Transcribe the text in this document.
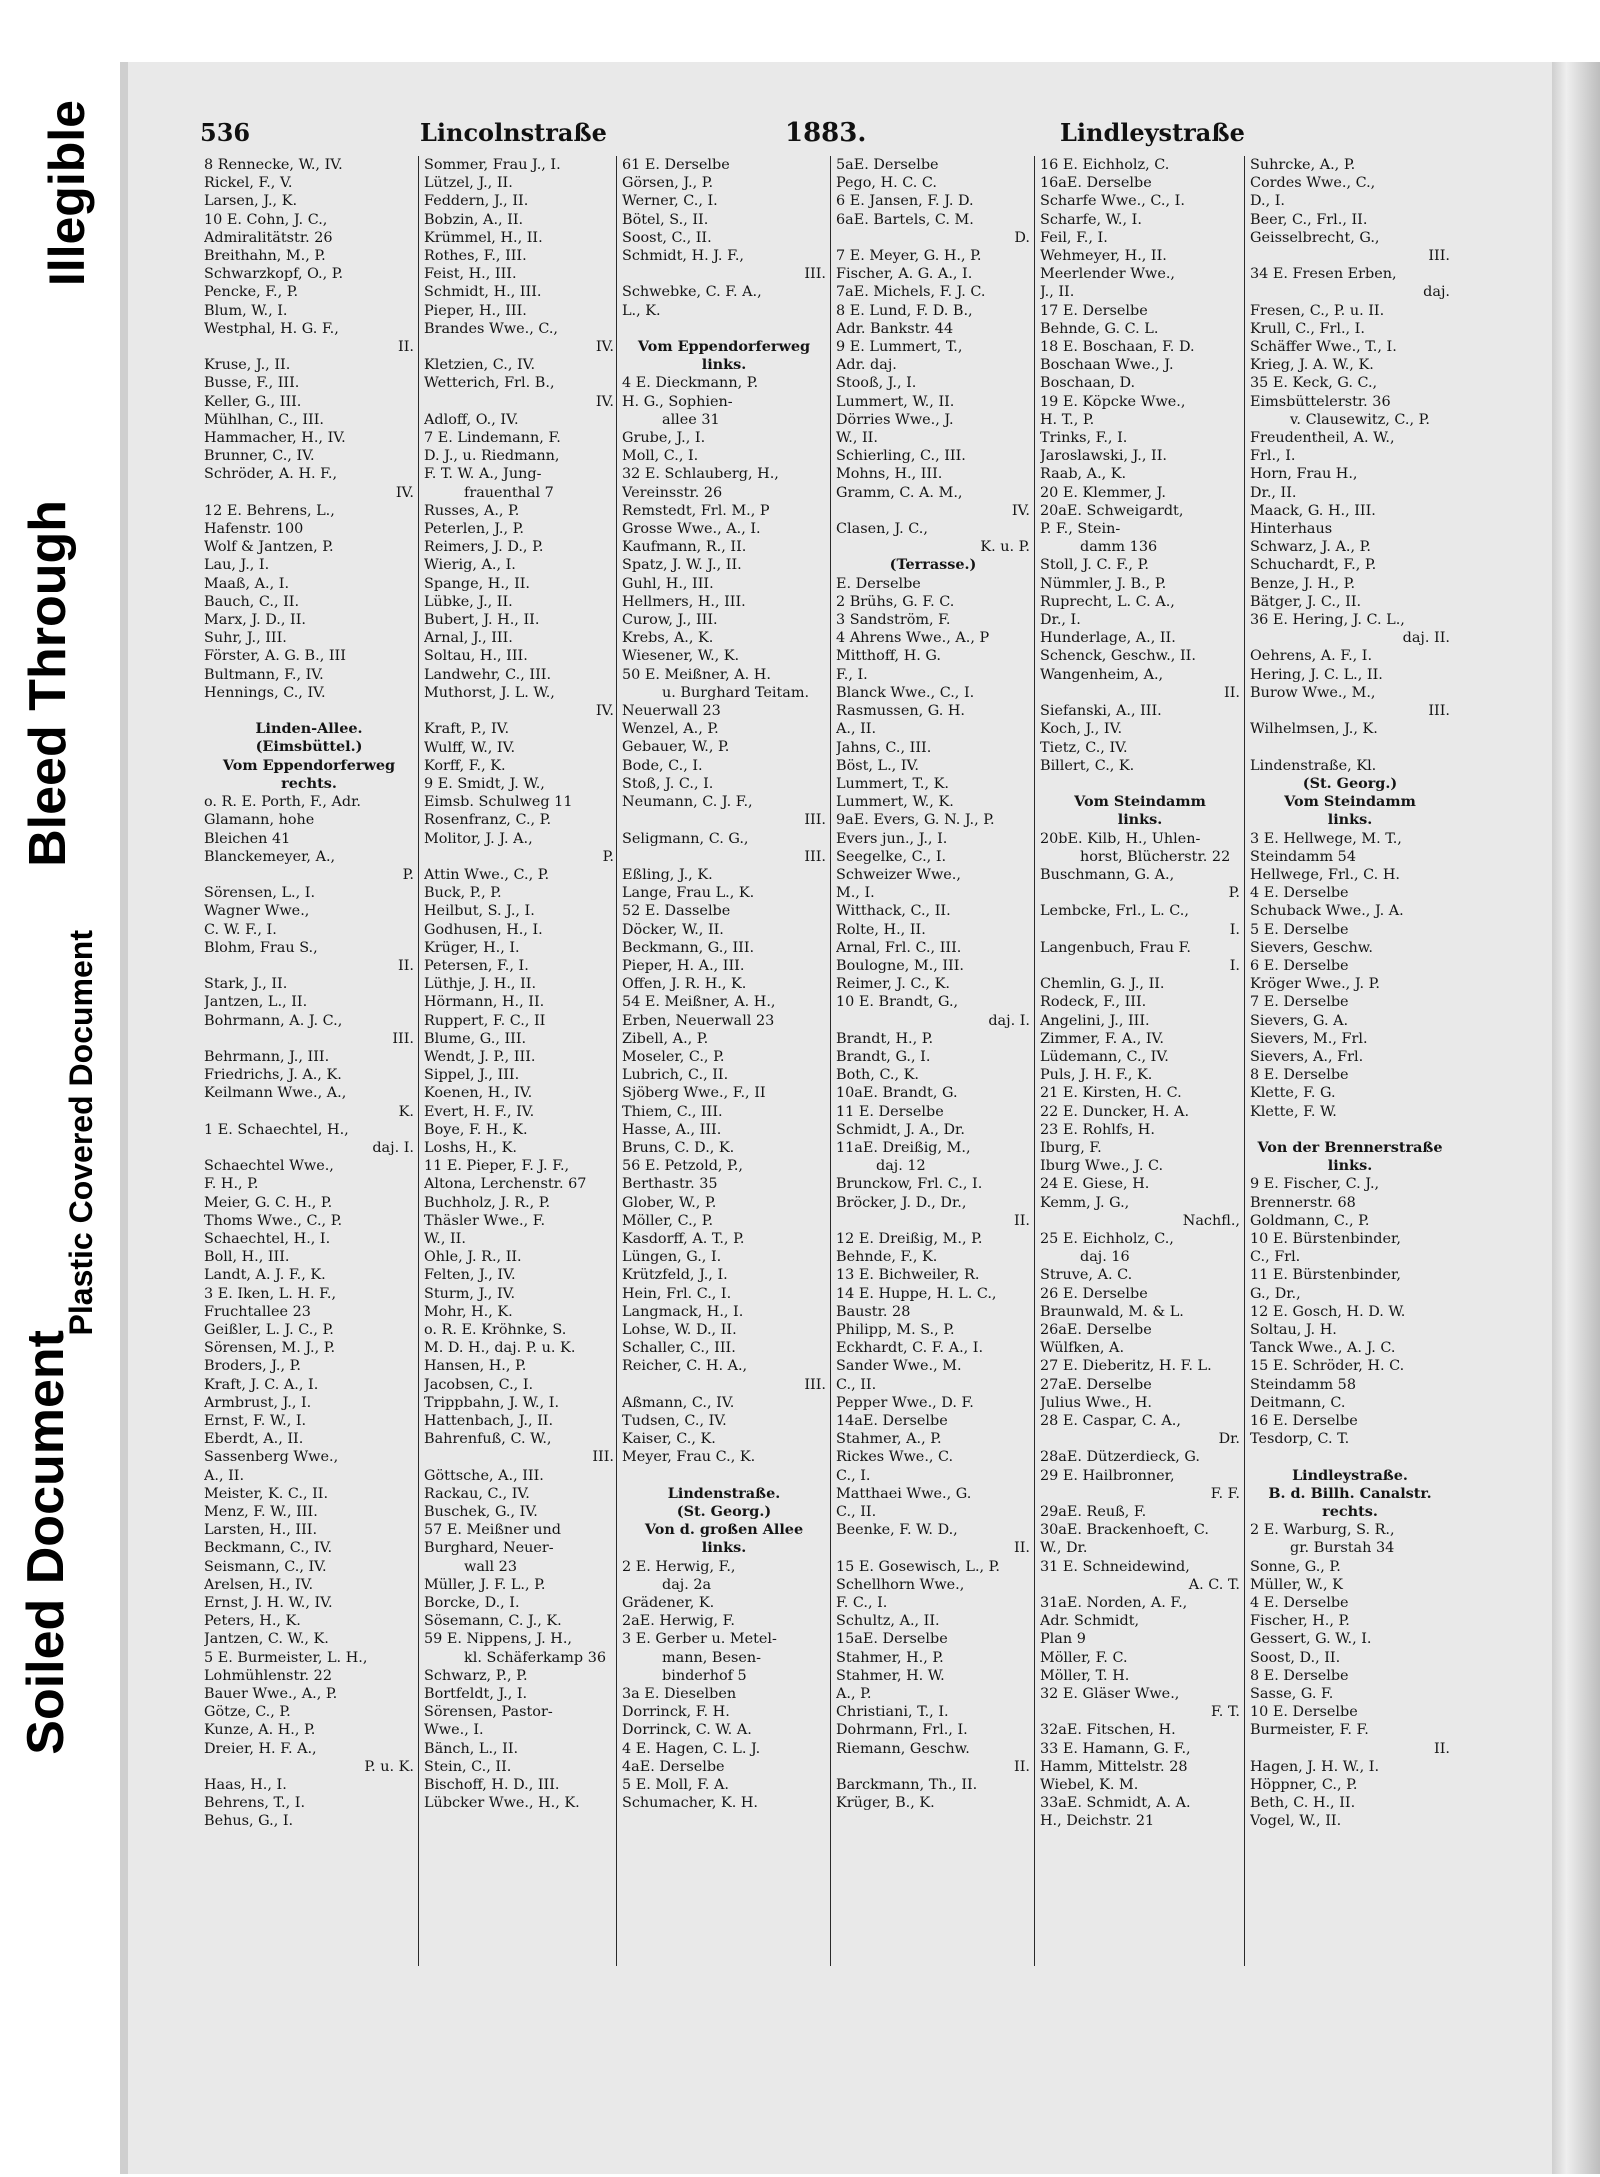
Soiled Document
Plastic Covered Document
Bleed Through
Illegible	536	Lincolnstraße	1883.	Lindleystraße
8 Rennecke, W., IV.
Rickel, F., V.
Larsen, J., K.
10 E. Cohn, J. C.,
Admiralitätstr. 26
Breithahn, M., P.
Schwarzkopf, O., P.
Pencke, F., P.
Blum, W., I.
Westphal, H. G. F.,
II.
Kruse, J., II.
Busse, F., III.
Keller, G., III.
Mühlhan, C., III.
Hammacher, H., IV.
Brunner, C., IV.
Schröder, A. H. F.,
IV.
12 E. Behrens, L.,
Hafenstr. 100
Wolf & Jantzen, P.
Lau, J., I.
Maaß, A., I.
Bauch, C., II.
Marx, J. D., II.
Suhr, J., III.
Förster, A. G. B., III
Bultmann, F., IV.
Hennings, C., IV.
Linden-Allee.
(Eimsbüttel.)
Vom Eppendorferweg
rechts.
o. R. E. Porth, F., Adr.
Glamann, hohe
Bleichen 41
Blanckemeyer, A.,
P.
Sörensen, L., I.
Wagner Wwe.,
C. W. F., I.
Blohm, Frau S.,
II.
Stark, J., II.
Jantzen, L., II.
Bohrmann, A. J. C.,
III.
Behrmann, J., III.
Friedrichs, J. A., K.
Keilmann Wwe., A.,
K.
1 E. Schaechtel, H.,
daj. I.
Schaechtel Wwe.,
F. H., P.
Meier, G. C. H., P.
Thoms Wwe., C., P.
Schaechtel, H., I.
Boll, H., III.
Landt, A. J. F., K.
3 E. Iken, L. H. F.,
Fruchtallee 23
Geißler, L. J. C., P.
Sörensen, M. J., P.
Broders, J., P.
Kraft, J. C. A., I.
Armbrust, J., I.
Ernst, F. W., I.
Eberdt, A., II.
Sassenberg Wwe.,
A., II.
Meister, K. C., II.
Menz, F. W., III.
Larsten, H., III.
Beckmann, C., IV.
Seismann, C., IV.
Arelsen, H., IV.
Ernst, J. H. W., IV.
Peters, H., K.
Jantzen, C. W., K.
5 E. Burmeister, L. H.,
Lohmühlenstr. 22
Bauer Wwe., A., P.
Götze, C., P.
Kunze, A. H., P.
Dreier, H. F. A.,
P. u. K.
Haas, H., I.
Behrens, T., I.
Behus, G., I.
Sommer, Frau J., I.
Lützel, J., II.
Feddern, J., II.
Bobzin, A., II.
Krümmel, H., II.
Rothes, F., III.
Feist, H., III.
Schmidt, H., III.
Pieper, H., III.
Brandes Wwe., C.,
IV.
Kletzien, C., IV.
Wetterich, Frl. B.,
IV.
Adloff, O., IV.
7 E. Lindemann, F.
D. J., u. Riedmann,
F. T. W. A., Jung-
frauenthal 7
Russes, A., P.
Peterlen, J., P.
Reimers, J. D., P.
Wierig, A., I.
Spange, H., II.
Lübke, J., II.
Bubert, J. H., II.
Arnal, J., III.
Soltau, H., III.
Landwehr, C., III.
Muthorst, J. L. W.,
IV.
Kraft, P., IV.
Wulff, W., IV.
Korff, F., K.
9 E. Smidt, J. W.,
Eimsb. Schulweg 11
Rosenfranz, C., P.
Molitor, J. J. A.,
P.
Attin Wwe., C., P.
Buck, P., P.
Heilbut, S. J., I.
Godhusen, H., I.
Krüger, H., I.
Petersen, F., I.
Lüthje, J. H., II.
Hörmann, H., II.
Ruppert, F. C., II
Blume, G., III.
Wendt, J. P., III.
Sippel, J., III.
Koenen, H., IV.
Evert, H. F., IV.
Boye, F. H., K.
Loshs, H., K.
11 E. Pieper, F. J. F.,
Altona, Lerchenstr. 67
Buchholz, J. R., P.
Thäsler Wwe., F.
W., II.
Ohle, J. R., II.
Felten, J., IV.
Sturm, J., IV.
Mohr, H., K.
o. R. E. Kröhnke, S.
M. D. H., daj. P. u. K.
Hansen, H., P.
Jacobsen, C., I.
Trippbahn, J. W., I.
Hattenbach, J., II.
Bahrenfuß, C. W.,
III.
Göttsche, A., III.
Rackau, C., IV.
Buschek, G., IV.
57 E. Meißner und
Burghard, Neuer-
wall 23
Müller, J. F. L., P.
Borcke, D., I.
Sösemann, C. J., K.
59 E. Nippens, J. H.,
kl. Schäferkamp 36
Schwarz, P., P.
Bortfeldt, J., I.
Sörensen, Pastor-
Wwe., I.
Bänch, L., II.
Stein, C., II.
Bischoff, H. D., III.
Lübcker Wwe., H., K.
61 E. Derselbe
Görsen, J., P.
Werner, C., I.
Bötel, S., II.
Soost, C., II.
Schmidt, H. J. F.,
III.
Schwebke, C. F. A.,
L., K.
Vom Eppendorferweg
links.
4 E. Dieckmann, P.
H. G., Sophien-
allee 31
Grube, J., I.
Moll, C., I.
32 E. Schlauberg, H.,
Vereinsstr. 26
Remstedt, Frl. M., P
Grosse Wwe., A., I.
Kaufmann, R., II.
Spatz, J. W. J., II.
Guhl, H., III.
Hellmers, H., III.
Curow, J., III.
Krebs, A., K.
Wiesener, W., K.
50 E. Meißner, A. H.
u. Burghard Teitam.
Neuerwall 23
Wenzel, A., P.
Gebauer, W., P.
Bode, C., I.
Stoß, J. C., I.
Neumann, C. J. F.,
III.
Seligmann, C. G.,
III.
Eßling, J., K.
Lange, Frau L., K.
52 E. Dasselbe
Döcker, W., II.
Beckmann, G., III.
Pieper, H. A., III.
Offen, J. R. H., K.
54 E. Meißner, A. H.,
Erben, Neuerwall 23
Zibell, A., P.
Moseler, C., P.
Lubrich, C., II.
Sjöberg Wwe., F., II
Thiem, C., III.
Hasse, A., III.
Bruns, C. D., K.
56 E. Petzold, P.,
Berthastr. 35
Glober, W., P.
Möller, C., P.
Kasdorff, A. T., P.
Lüngen, G., I.
Krützfeld, J., I.
Hein, Frl. C., I.
Langmack, H., I.
Lohse, W. D., II.
Schaller, C., III.
Reicher, C. H. A.,
III.
Aßmann, C., IV.
Tudsen, C., IV.
Kaiser, C., K.
Meyer, Frau C., K.
Lindenstraße.
(St. Georg.)
Von d. großen Allee
links.
2 E. Herwig, F.,
daj. 2a
Grädener, K.
2aE. Herwig, F.
3 E. Gerber u. Metel-
mann, Besen-
binderhof 5
3a E. Dieselben
Dorrinck, F. H.
Dorrinck, C. W. A.
4 E. Hagen, C. L. J.
4aE. Derselbe
5 E. Moll, F. A.
Schumacher, K. H.
5aE. Derselbe
Pego, H. C. C.
6 E. Jansen, F. J. D.
6aE. Bartels, C. M.
D.
7 E. Meyer, G. H., P.
Fischer, A. G. A., I.
7aE. Michels, F. J. C.
8 E. Lund, F. D. B.,
Adr. Bankstr. 44
9 E. Lummert, T.,
Adr. daj.
Stooß, J., I.
Lummert, W., II.
Dörries Wwe., J.
W., II.
Schierling, C., III.
Mohns, H., III.
Gramm, C. A. M.,
IV.
Clasen, J. C.,
K. u. P.
(Terrasse.)
E. Derselbe
2 Brühs, G. F. C.
3 Sandström, F.
4 Ahrens Wwe., A., P
Mitthoff, H. G.
F., I.
Blanck Wwe., C., I.
Rasmussen, G. H.
A., II.
Jahns, C., III.
Böst, L., IV.
Lummert, T., K.
Lummert, W., K.
9aE. Evers, G. N. J., P.
Evers jun., J., I.
Seegelke, C., I.
Schweizer Wwe.,
M., I.
Witthack, C., II.
Rolte, H., II.
Arnal, Frl. C., III.
Boulogne, M., III.
Reimer, J. C., K.
10 E. Brandt, G.,
daj. I.
Brandt, H., P.
Brandt, G., I.
Both, C., K.
10aE. Brandt, G.
11 E. Derselbe
Schmidt, J. A., Dr.
11aE. Dreißig, M.,
daj. 12
Brunckow, Frl. C., I.
Bröcker, J. D., Dr.,
II.
12 E. Dreißig, M., P.
Behnde, F., K.
13 E. Bichweiler, R.
14 E. Huppe, H. L. C.,
Baustr. 28
Philipp, M. S., P.
Eckhardt, C. F. A., I.
Sander Wwe., M.
C., II.
Pepper Wwe., D. F.
14aE. Derselbe
Stahmer, A., P.
Rickes Wwe., C.
C., I.
Matthaei Wwe., G.
C., II.
Beenke, F. W. D.,
II.
15 E. Gosewisch, L., P.
Schellhorn Wwe.,
F. C., I.
Schultz, A., II.
15aE. Derselbe
Stahmer, H., P.
Stahmer, H. W.
A., P.
Christiani, T., I.
Dohrmann, Frl., I.
Riemann, Geschw.
II.
Barckmann, Th., II.
Krüger, B., K.
16 E. Eichholz, C.
16aE. Derselbe
Scharfe Wwe., C., I.
Scharfe, W., I.
Feil, F., I.
Wehmeyer, H., II.
Meerlender Wwe.,
J., II.
17 E. Derselbe
Behnde, G. C. L.
18 E. Boschaan, F. D.
Boschaan Wwe., J.
Boschaan, D.
19 E. Köpcke Wwe.,
H. T., P.
Trinks, F., I.
Jaroslawski, J., II.
Raab, A., K.
20 E. Klemmer, J.
20aE. Schweigardt,
P. F., Stein-
damm 136
Stoll, J. C. F., P.
Nümmler, J. B., P.
Ruprecht, L. C. A.,
Dr., I.
Hunderlage, A., II.
Schenck, Geschw., II.
Wangenheim, A.,
II.
Siefanski, A., III.
Koch, J., IV.
Tietz, C., IV.
Billert, C., K.
Vom Steindamm
links.
20bE. Kilb, H., Uhlen-
horst, Blücherstr. 22
Buschmann, G. A.,
P.
Lembcke, Frl., L. C.,
I.
Langenbuch, Frau F.
I.
Chemlin, G. J., II.
Rodeck, F., III.
Angelini, J., III.
Zimmer, F. A., IV.
Lüdemann, C., IV.
Puls, J. H. F., K.
21 E. Kirsten, H. C.
22 E. Duncker, H. A.
23 E. Rohlfs, H.
Iburg, F.
Iburg Wwe., J. C.
24 E. Giese, H.
Kemm, J. G.,
Nachfl.,
25 E. Eichholz, C.,
daj. 16
Struve, A. C.
26 E. Derselbe
Braunwald, M. & L.
26aE. Derselbe
Wülfken, A.
27 E. Dieberitz, H. F. L.
27aE. Derselbe
Julius Wwe., H.
28 E. Caspar, C. A.,
Dr.
28aE. Dützerdieck, G.
29 E. Hailbronner,
F. F.
29aE. Reuß, F.
30aE. Brackenhoeft, C.
W., Dr.
31 E. Schneidewind,
A. C. T.
31aE. Norden, A. F.,
Adr. Schmidt,
Plan 9
Möller, F. C.
Möller, T. H.
32 E. Gläser Wwe.,
F. T.
32aE. Fitschen, H.
33 E. Hamann, G. F.,
Hamm, Mittelstr. 28
Wiebel, K. M.
33aE. Schmidt, A. A.
H., Deichstr. 21
Suhrcke, A., P.
Cordes Wwe., C.,
D., I.
Beer, C., Frl., II.
Geisselbrecht, G.,
III.
34 E. Fresen Erben,
daj.
Fresen, C., P. u. II.
Krull, C., Frl., I.
Schäffer Wwe., T., I.
Krieg, J. A. W., K.
35 E. Keck, G. C.,
Eimsbüttelerstr. 36
v. Clausewitz, C., P.
Freudentheil, A. W.,
Frl., I.
Horn, Frau H.,
Dr., II.
Maack, G. H., III.
Hinterhaus
Schwarz, J. A., P.
Schuchardt, F., P.
Benze, J. H., P.
Bätger, J. C., II.
36 E. Hering, J. C. L.,
daj. II.
Oehrens, A. F., I.
Hering, J. C. L., II.
Burow Wwe., M.,
III.
Wilhelmsen, J., K.
Lindenstraße, Kl.
(St. Georg.)
Vom Steindamm
links.
3 E. Hellwege, M. T.,
Steindamm 54
Hellwege, Frl., C. H.
4 E. Derselbe
Schuback Wwe., J. A.
5 E. Derselbe
Sievers, Geschw.
6 E. Derselbe
Kröger Wwe., J. P.
7 E. Derselbe
Sievers, G. A.
Sievers, M., Frl.
Sievers, A., Frl.
8 E. Derselbe
Klette, F. G.
Klette, F. W.
Von der Brennerstraße
links.
9 E. Fischer, C. J.,
Brennerstr. 68
Goldmann, C., P.
10 E. Bürstenbinder,
C., Frl.
11 E. Bürstenbinder,
G., Dr.,
12 E. Gosch, H. D. W.
Soltau, J. H.
Tanck Wwe., A. J. C.
15 E. Schröder, H. C.
Steindamm 58
Deitmann, C.
16 E. Derselbe
Tesdorp, C. T.
Lindleystraße.
B. d. Billh. Canalstr.
rechts.
2 E. Warburg, S. R.,
gr. Burstah 34
Sonne, G., P.
Müller, W., K
4 E. Derselbe
Fischer, H., P.
Gessert, G. W., I.
Soost, D., II.
8 E. Derselbe
Sasse, G. F.
10 E. Derselbe
Burmeister, F. F.
II.
Hagen, J. H. W., I.
Höppner, C., P.
Beth, C. H., II.
Vogel, W., II.
